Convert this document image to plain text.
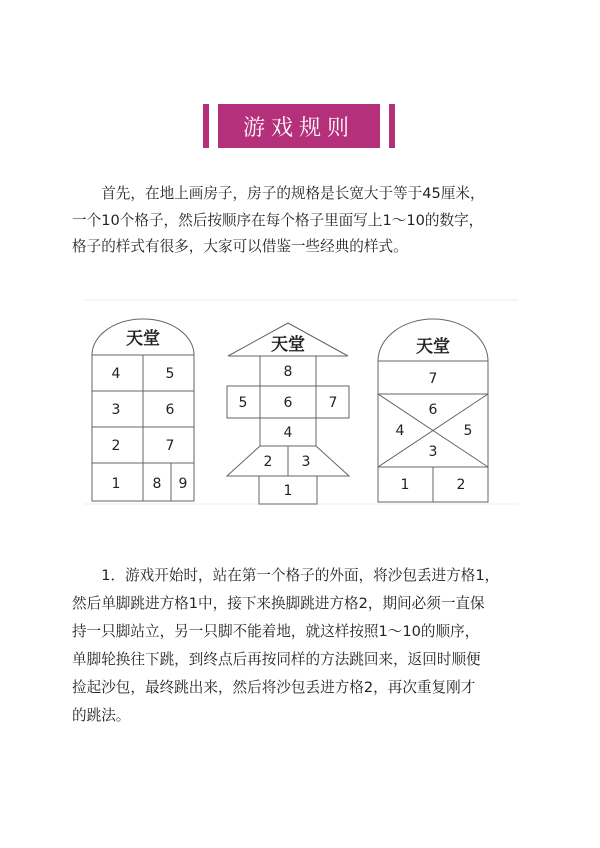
游戏规则
　　首先，在地上画房子，房子的规格是长宽大于等于45厘米，
一个10个格子，然后按顺序在每个格子里面写上1～10的数字，
格子的样式有很多，大家可以借鉴一些经典的样式。
天堂
4	5
3	6
2	7
1 8 9
天堂
8
5	6	7
4
2 3
1
天堂
7
6
4	5
3
1	2
　　1．游戏开始时，站在第一个格子的外面，将沙包丢进方格1，
然后单脚跳进方格1中，接下来换脚跳进方格2，期间必须一直保
持一只脚站立，另一只脚不能着地，就这样按照1～10的顺序，
单脚轮换往下跳，到终点后再按同样的方法跳回来，返回时顺便
捡起沙包，最终跳出来，然后将沙包丢进方格2，再次重复刚才
的跳法。
